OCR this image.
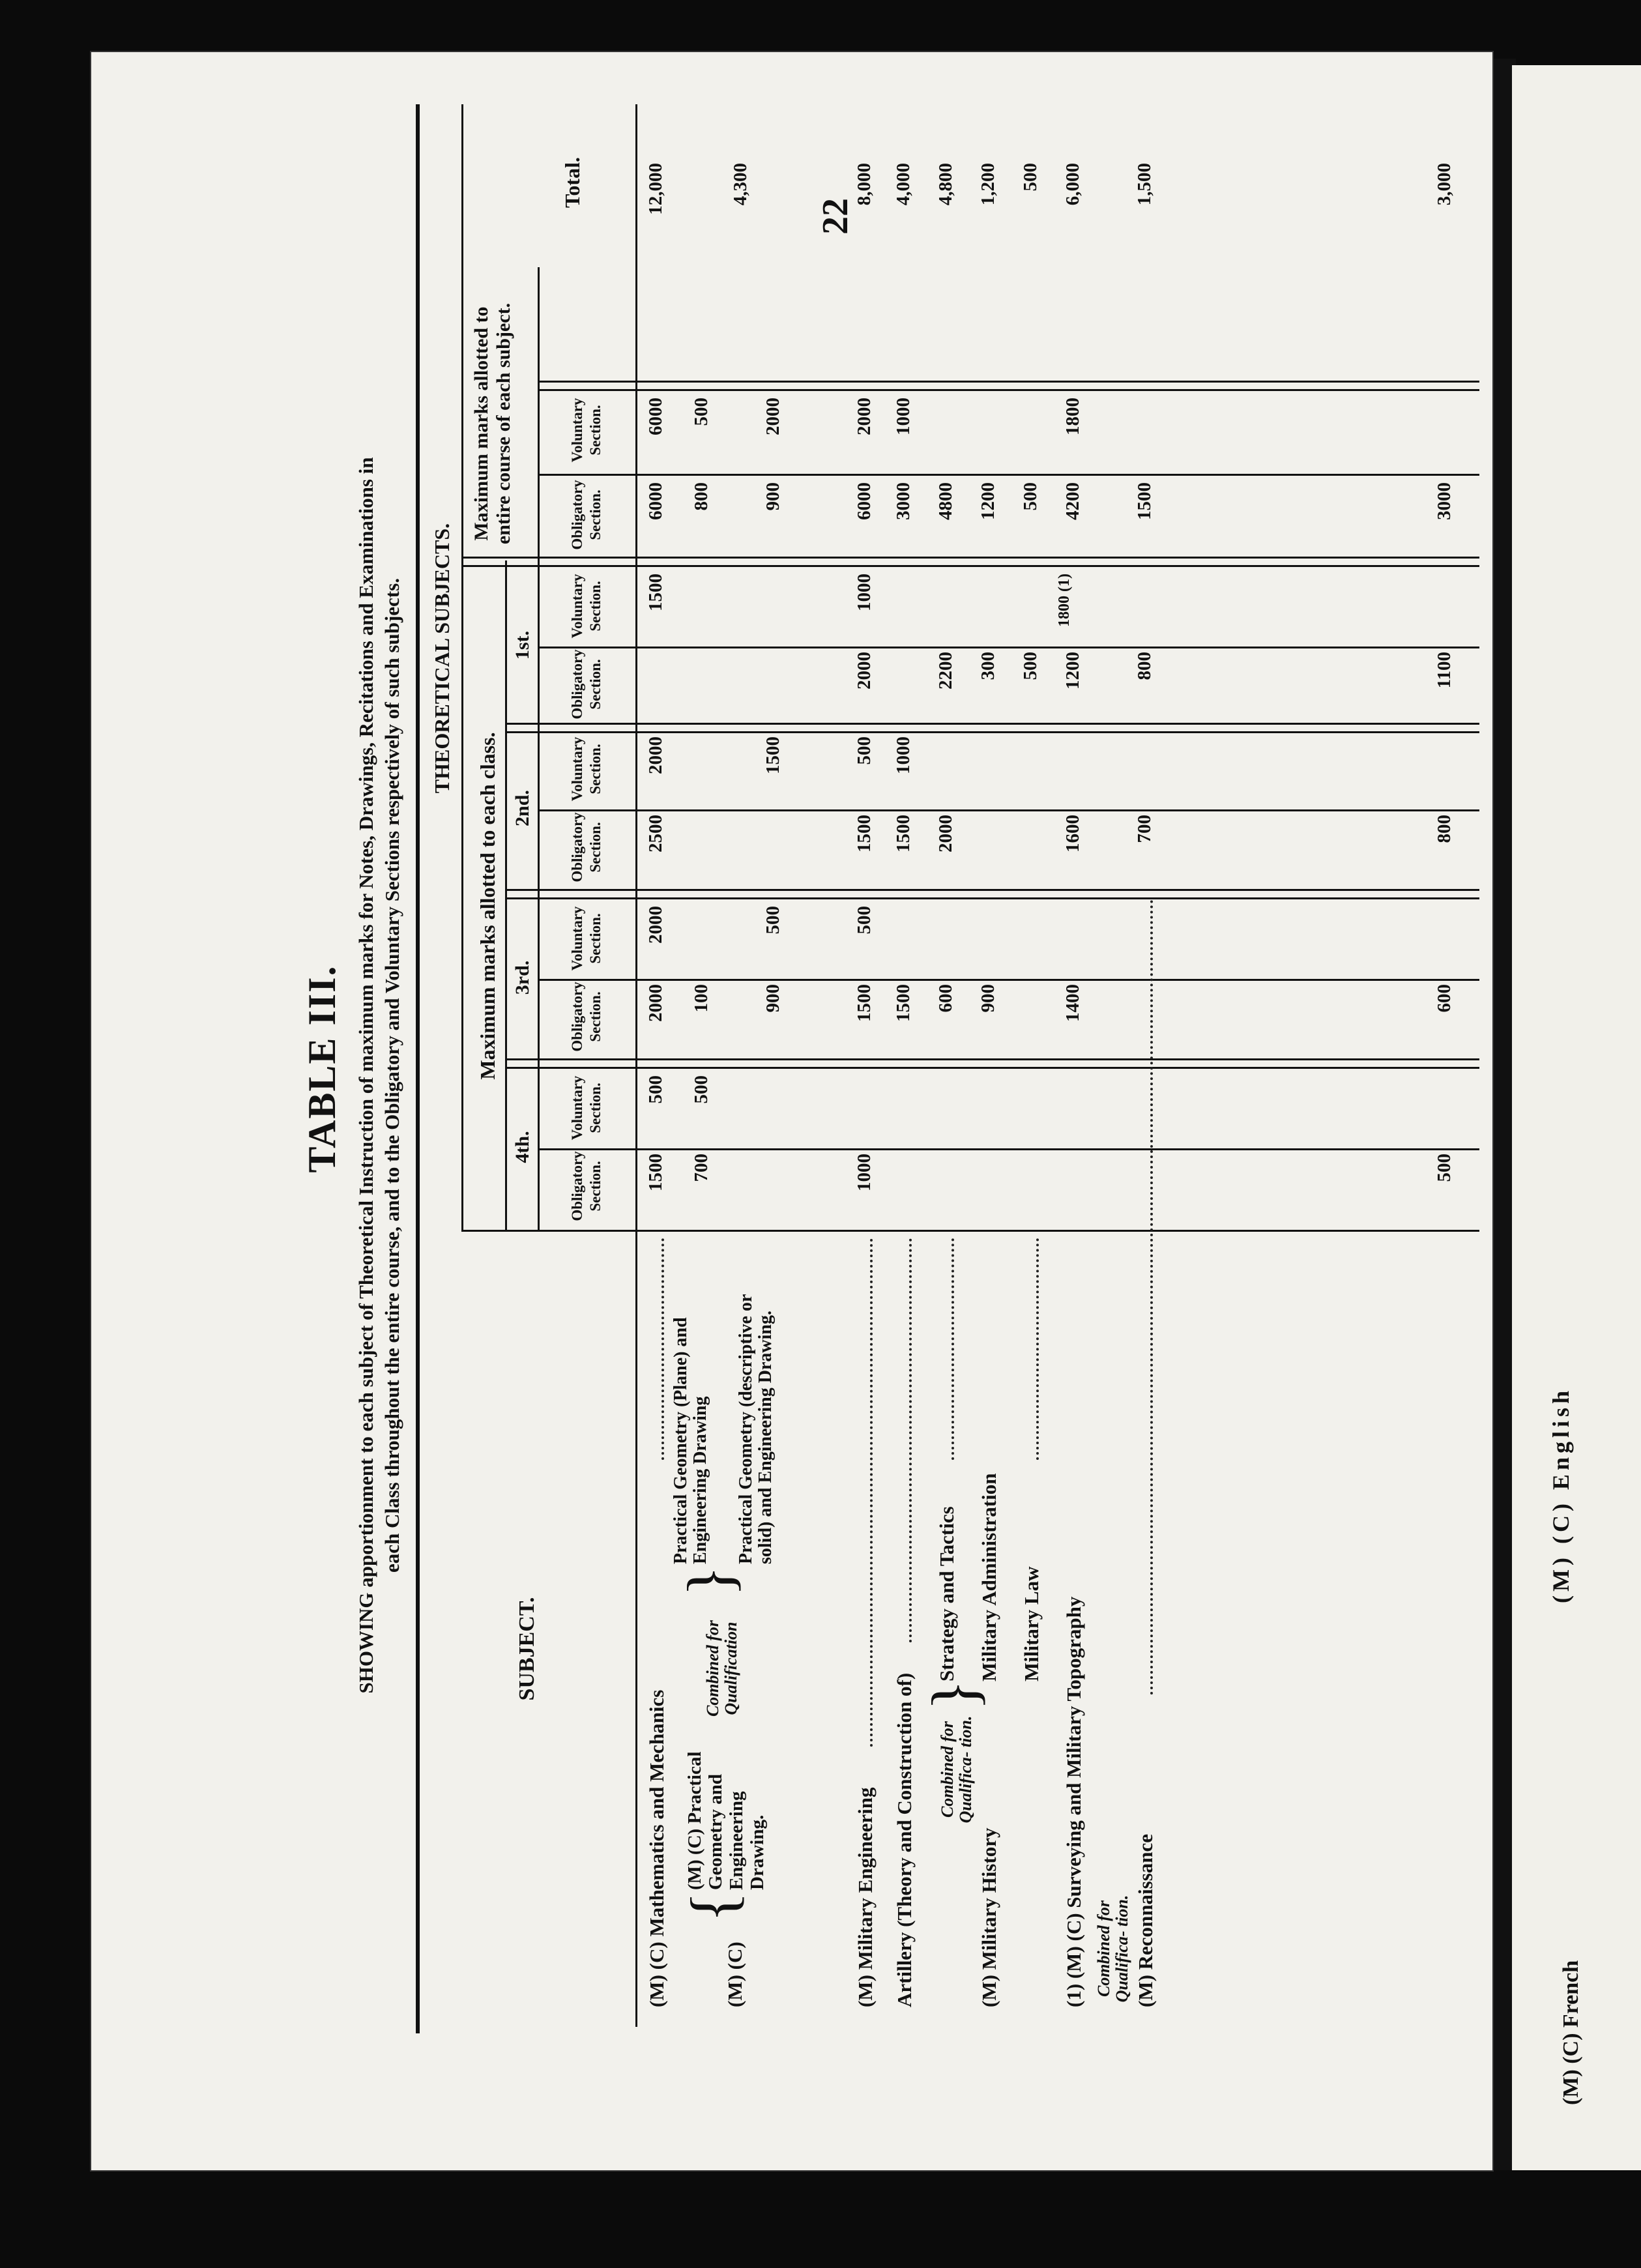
(M) (C) French
22
TABLE III. SHOWING apportionment to each subject of Theoretical Instruction of maximum marks for Notes, Drawings, Recitations and Examinations in each Class throughout the entire course, and to the Obligatory and Voluntary Sections respectively of such subjects. THEORETICAL SUBJECTS.
SUBJECT.
Maximum marks allotted to each class.
Maximum marks allotted to entire course of each subject.
Total.
4th.
3rd.
2nd.
1st.
Obligatory Section.
Voluntary Section.
Obligatory Section.
Voluntary Section.
Obligatory Section.
Voluntary Section.
Obligatory Section.
Voluntary Section.
Obligatory Section.
Voluntary Section.
(M) (C) Mathematics and Mechanics
1500
500
2000
2000
2500
2000
1500
6000
6000
12,000
(M) (C)
{
(M) (C) Practical Geometry and Engineering Drawing.
Combined for Qualification
}
Practical Geometry (Plane) and Engineering Drawing Practical Geometry (descriptive or solid) and Engineering Drawing.
700
500
100
800
500
900
500
1500
900
2000
4,300
(M) Military Engineering
1000
1500
500
1500
500
2000
1000
6000
2000
8,000
Artillery (Theory and Construction of)
1500
1500
1000
3000
1000
4,000
(M) Military History
Combined for Qualifica- tion.
}
Strategy and Tactics Military Administration Military Law
600
2000
2200
4800
4,800
900
300
1200
1,200
500
500
500
(1) (M) (C) Surveying and Military Topography
1400
1600
1200
1800 (1)
4200
1800
6,000
(M) Reconnaissance
700
800
1500
1,500
Combined for Qualifica- tion.
500
600
800
1100
3000
3,000
(M) (C) English
